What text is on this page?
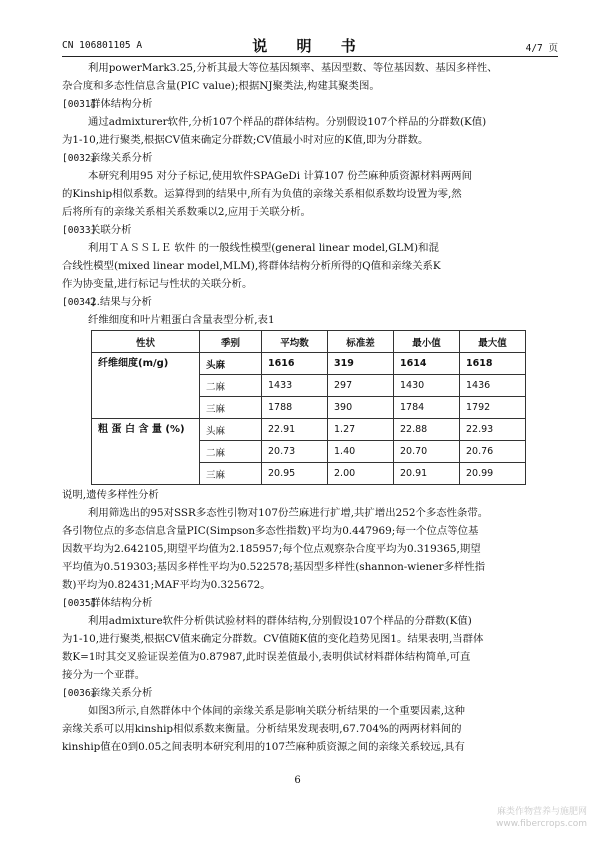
CN 106801105 A	说 明 书	4/7 页
利用powerMark3.25,分析其最大等位基因频率、基因型数、等位基因数、基因多样性、
杂合度和多态性信息含量(PIC value);根据NJ聚类法,构建其聚类图。
[0031]群体结构分析
通过admixturer软件,分析107个样品的群体结构。分别假设107个样品的分群数(K值)
为1-10,进行聚类,根据CV值来确定分群数;CV值最小时对应的K值,即为分群数。
[0032]亲缘关系分析
本研究利用95 对分子标记,使用软件SPAGeDi 计算107 份苎麻种质资源材料两两间
的Kinship相似系数。运算得到的结果中,所有为负值的亲缘关系相似系数均设置为零,然
后将所有的亲缘关系相关系数乘以2,应用于关联分析。
[0033]关联分析
利用ＴＡＳＳＬＥ 软件 的一般线性模型(general linear model,GLM)和混
合线性模型(mixed linear model,MLM),将群体结构分析所得的Q值和亲缘关系K
作为协变量,进行标记与性状的关联分析。
[0034]2.结果与分析
纤维细度和叶片粗蛋白含量表型分析,表1
性状	季别	平均数	标准差	最小值	最大值
纤维细度(m/g)	头麻	1616	319	1614	1618
	二麻	1433	297	1430	1436
	三麻	1788	390	1784	1792
粗 蛋 白 含 量 (%)	头麻	22.91	1.27	22.88	22.93
	二麻	20.73	1.40	20.70	20.76
	三麻	20.95	2.00	20.91	20.99
说明,遗传多样性分析
利用筛选出的95对SSR多态性引物对107份苎麻进行扩增,共扩增出252个多态性条带。
各引物位点的多态信息含量PIC(Simpson多态性指数)平均为0.447969;每一个位点等位基
因数平均为2.642105,期望平均值为2.185957;每个位点观察杂合度平均为0.319365,期望
平均值为0.519303;基因多样性平均为0.522578;基因型多样性(shannon-wiener多样性指
数)平均为0.82431;MAF平均为0.325672。
[0035]群体结构分析
利用admixture软件分析供试验材料的群体结构,分别假设107个样品的分群数(K值)
为1-10,进行聚类,根据CV值来确定分群数。CV值随K值的变化趋势见图1。结果表明,当群体
数K=1时其交叉验证误差值为0.87987,此时误差值最小,表明供试材料群体结构简单,可直
接分为一个亚群。
[0036]亲缘关系分析
如图3所示,自然群体中个体间的亲缘关系是影响关联分析结果的一个重要因素,这种
亲缘关系可以用kinship相似系数来衡量。分析结果发现表明,67.704%的两两材料间的
kinship值在0到0.05之间表明本研究利用的107苎麻种质资源之间的亲缘关系较远,具有
6
麻类作物营养与施肥网
www.fibercrops.com
